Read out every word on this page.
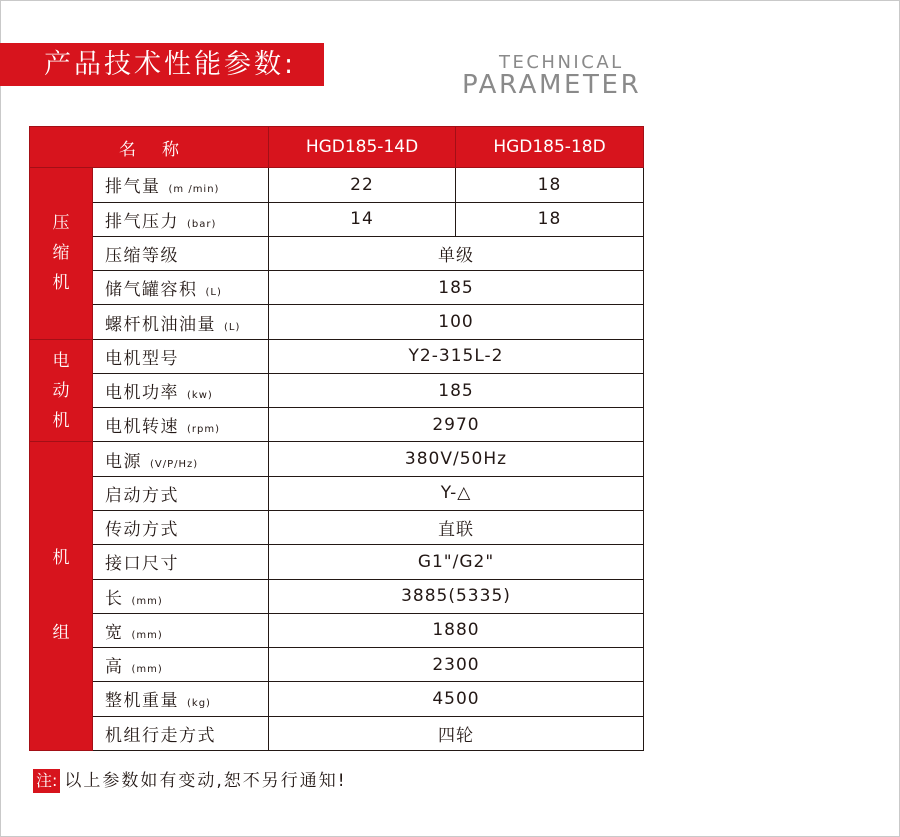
产品技术性能参数:	TECHNICAL
PARAMETER
名称		HGD185-14D	HGD185-18D
压缩机	排气量 (m /min)	22	18
	排气压力 (bar)	14	18
	压缩等级	单级	
	储气罐容积 (L)	185	
	螺杆机油油量 (L)	100	
电动机	电机型号	Y2-315L-2	
	电机功率 (kw)	185	
	电机转速 (rpm)	2970	
机组	电源 (V/P/Hz)	380V/50Hz	
	启动方式	Y-△	
	传动方式	直联	
	接口尺寸	G1"/G2"	
	长 (mm)	3885(5335)	
	宽 (mm)	1880	
	高 (mm)	2300	
	整机重量 (kg)	4500	
	机组行走方式	四轮	
注: 以上参数如有变动,恕不另行通知!
